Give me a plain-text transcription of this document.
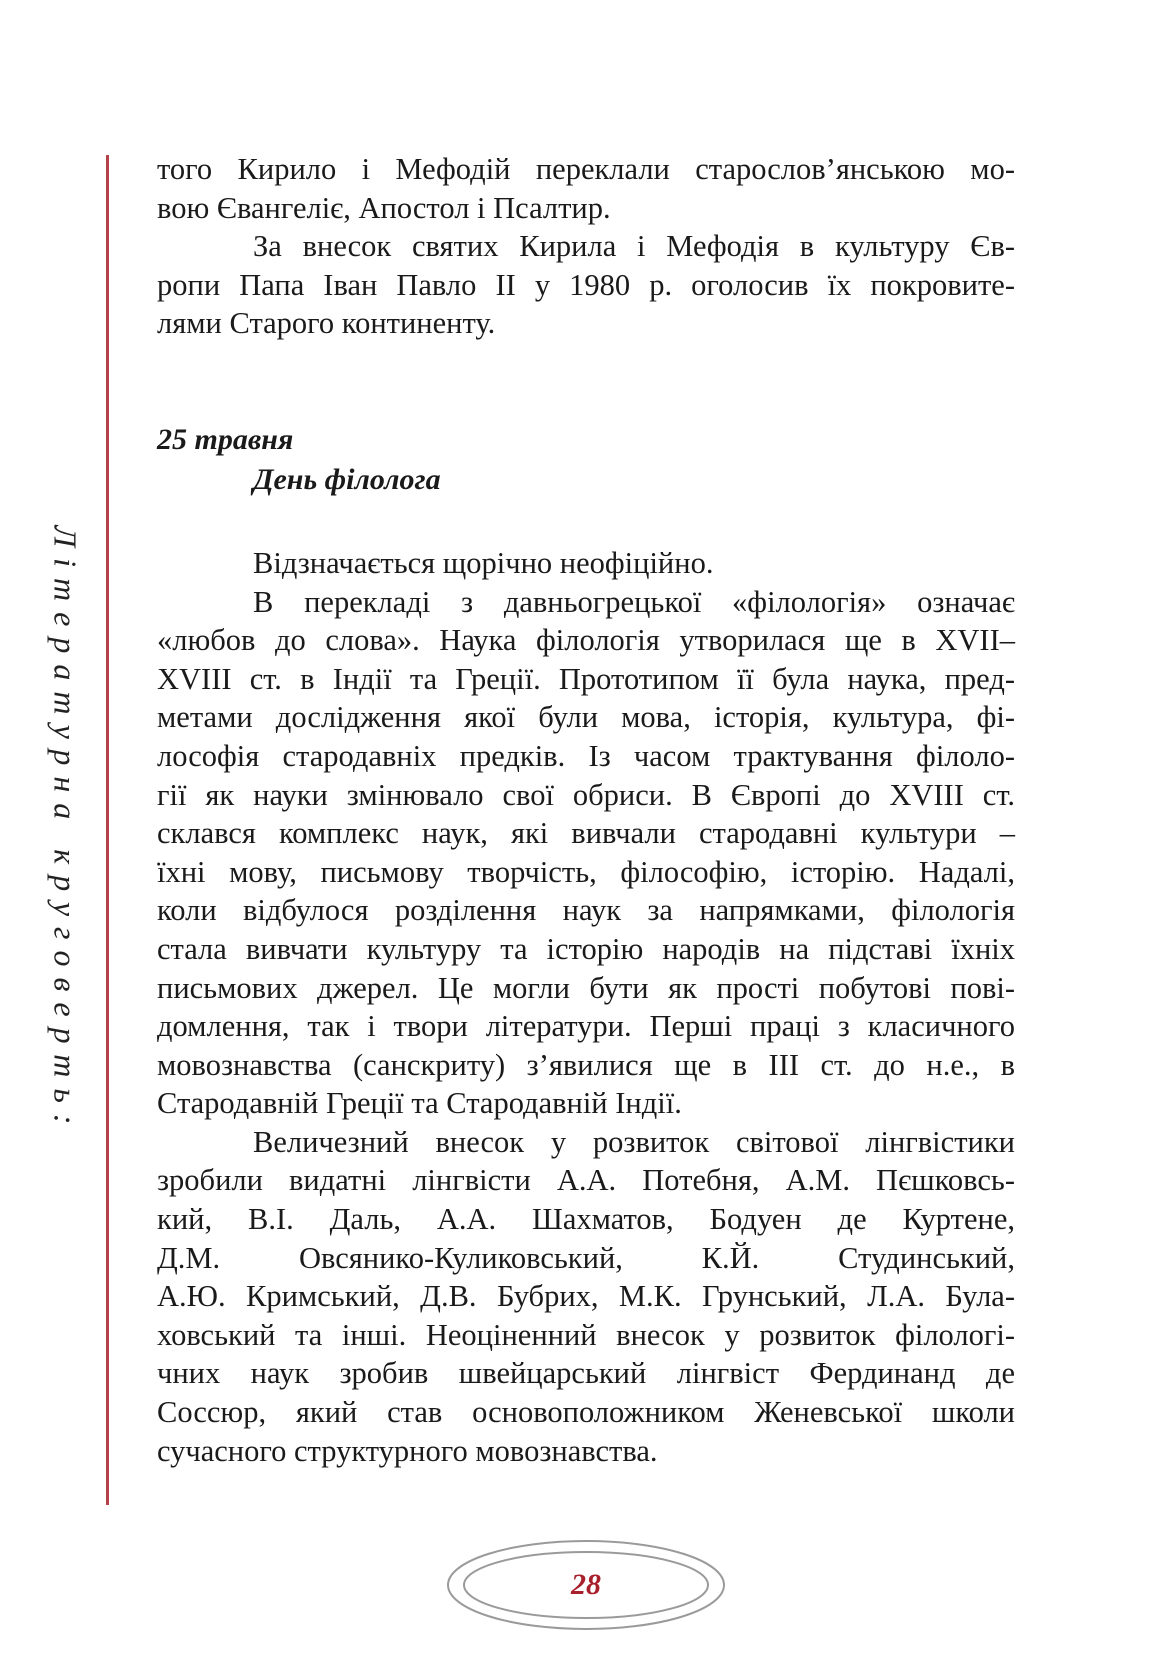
Літературна круговерть:

того Кирило і Мефодій переклали старослов’янською мо-

вою Євангеліє, Апостол і Псалтир.

За внесок святих Кирила і Мефодія в культуру Єв-

ропи Папа Іван Павло ІІ у 1980 р. оголосив їх покровите-

лями Старого континенту.

25 травня

День філолога

Відзначається щорічно неофіційно.

В перекладі з давньогрецької «філологія» означає

«любов до слова». Наука філологія утворилася ще в XVII–

XVIII ст. в Індії та Греції. Прототипом її була наука, пред-

метами дослідження якої були мова, історія, культура, фі-

лософія стародавніх предків. Із часом трактування філоло-

гії як науки змінювало свої обриси. В Європі до XVIII ст.

склався комплекс наук, які вивчали стародавні культури –

їхні мову, письмову творчість, філософію, історію. Надалі,

коли відбулося розділення наук за напрямками, філологія

стала вивчати культуру та історію народів на підставі їхніх

письмових джерел. Це могли бути як прості побутові пові-

домлення, так і твори літератури. Перші праці з класичного

мовознавства (санскриту) з’явилися ще в ІІІ ст. до н.е., в

Стародавній Греції та Стародавній Індії.

Величезний внесок у розвиток світової лінгвістики

зробили видатні лінгвісти А.А. Потебня, А.М. Пєшковсь-

кий, В.І. Даль, А.А. Шахматов, Бодуен де Куртене,

Д.М. Овсянико-Куликовський, К.Й. Студинський,

А.Ю. Кримський, Д.В. Бубрих, М.К. Грунський, Л.А. Була-

ховський та інші. Неоціненний внесок у розвиток філологі-

чних наук зробив швейцарський лінгвіст Фердинанд де

Соссюр, який став основоположником Женевської школи

сучасного структурного мовознавства.

28
